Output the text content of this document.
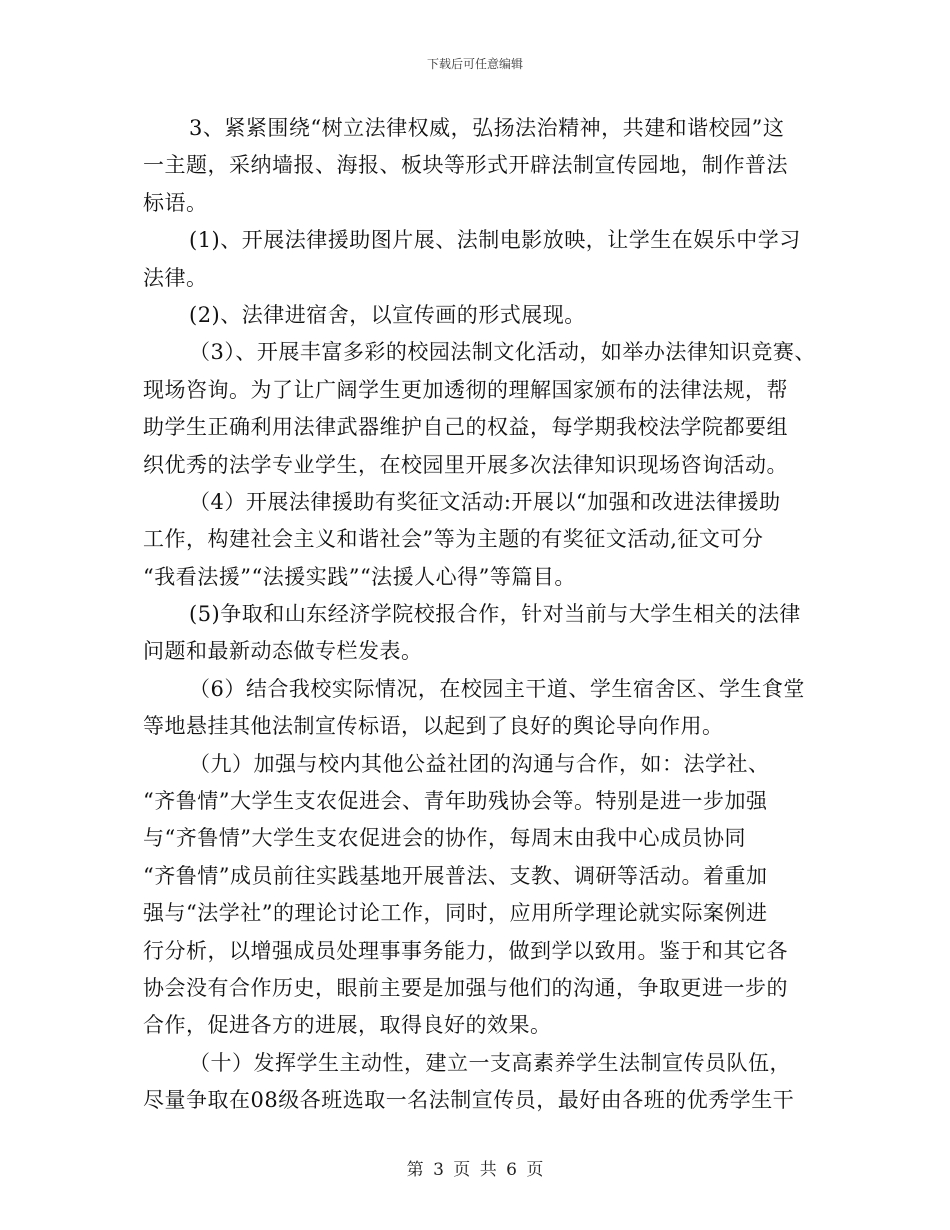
下载后可任意编辑
3、紧紧围绕“树立法律权威，弘扬法治精神，共建和谐校园”这
一主题，采纳墙报、海报、板块等形式开辟法制宣传园地，制作普法
标语。
(1)、开展法律援助图片展、法制电影放映，让学生在娱乐中学习
法律。
(2)、法律进宿舍，以宣传画的形式展现。
（3）、开展丰富多彩的校园法制文化活动，如举办法律知识竞赛、
现场咨询。为了让广阔学生更加透彻的理解国家颁布的法律法规，帮
助学生正确利用法律武器维护自己的权益，每学期我校法学院都要组
织优秀的法学专业学生，在校园里开展多次法律知识现场咨询活动。
（4）开展法律援助有奖征文活动:开展以“加强和改进法律援助
工作，构建社会主义和谐社会”等为主题的有奖征文活动,征文可分
“我看法援”“法援实践”“法援人心得”等篇目。
(5)争取和山东经济学院校报合作，针对当前与大学生相关的法律
问题和最新动态做专栏发表。
（6）结合我校实际情况，在校园主干道、学生宿舍区、学生食堂
等地悬挂其他法制宣传标语，以起到了良好的舆论导向作用。
（九）加强与校内其他公益社团的沟通与合作，如：法学社、
“齐鲁情”大学生支农促进会、青年助残协会等。特别是进一步加强
与“齐鲁情”大学生支农促进会的协作，每周末由我中心成员协同
“齐鲁情”成员前往实践基地开展普法、支教、调研等活动。着重加
强与“法学社”的理论讨论工作，同时，应用所学理论就实际案例进
行分析，以增强成员处理事事务能力，做到学以致用。鉴于和其它各
协会没有合作历史，眼前主要是加强与他们的沟通，争取更进一步的
合作，促进各方的进展，取得良好的效果。
（十）发挥学生主动性，建立一支高素养学生法制宣传员队伍，
尽量争取在08级各班选取一名法制宣传员，最好由各班的优秀学生干
第 3 页 共 6 页
